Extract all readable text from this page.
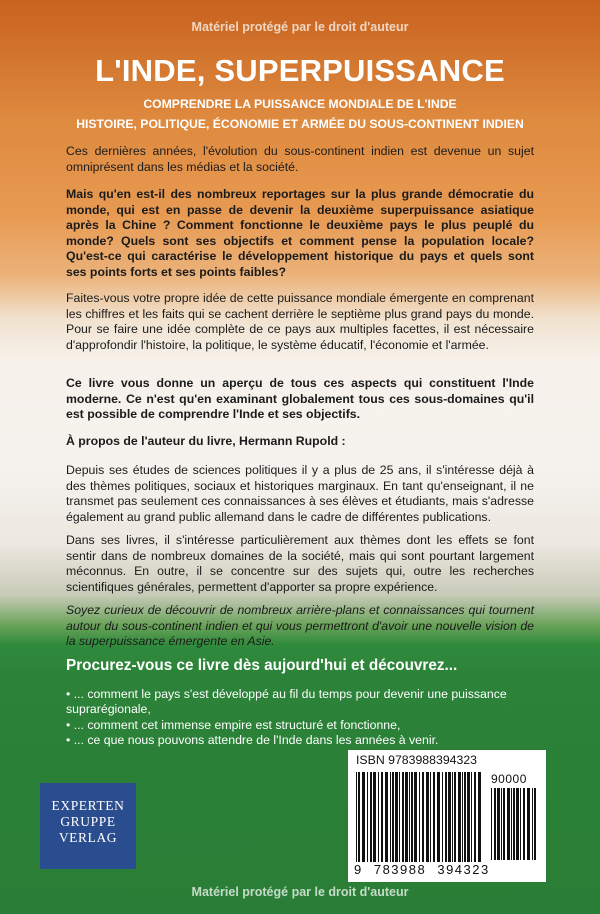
Matériel protégé par le droit d'auteur
L'INDE, SUPERPUISSANCE
COMPRENDRE LA PUISSANCE MONDIALE DE L'INDE
HISTOIRE, POLITIQUE, ÉCONOMIE ET ARMÉE DU SOUS-CONTINENT INDIEN

Ces dernières années, l'évolution du sous-continent indien est devenue un sujet omniprésent dans les médias et la société.

Mais qu'en est-il des nombreux reportages sur la plus grande démocratie du monde, qui est en passe de devenir la deuxième superpuissance asiatique après la Chine ? Comment fonctionne le deuxième pays le plus peuplé du monde? Quels sont ses objectifs et comment pense la population locale? Qu'est-ce qui caractérise le développement historique du pays et quels sont ses points forts et ses points faibles?

Faites-vous votre propre idée de cette puissance mondiale émergente en comprenant les chiffres et les faits qui se cachent derrière le septième plus grand pays du monde. Pour se faire une idée complète de ce pays aux multiples facettes, il est nécessaire d'approfondir l'histoire, la politique, le système éducatif, l'économie et l'armée.

Ce livre vous donne un aperçu de tous ces aspects qui constituent l'Inde moderne. Ce n'est qu'en examinant globalement tous ces sous-domaines qu'il est possible de comprendre l'Inde et ses objectifs.

À propos de l'auteur du livre, Hermann Rupold :

Depuis ses études de sciences politiques il y a plus de 25 ans, il s'intéresse déjà à des thèmes politiques, sociaux et historiques marginaux. En tant qu'enseignant, il ne transmet pas seulement ces connaissances à ses élèves et étudiants, mais s'adresse également au grand public allemand dans le cadre de différentes publications.

Dans ses livres, il s'intéresse particulièrement aux thèmes dont les effets se font sentir dans de nombreux domaines de la société, mais qui sont pourtant largement méconnus. En outre, il se concentre sur des sujets qui, outre les recherches scientifiques générales, permettent d'apporter sa propre expérience.

Soyez curieux de découvrir de nombreux arrière-plans et connaissances qui tournent autour du sous-continent indien et qui vous permettront d'avoir une nouvelle vision de la superpuissance émergente en Asie.

Procurez-vous ce livre dès aujourd'hui et découvrez...
• ... comment le pays s'est développé au fil du temps pour devenir une puissance suprarégionale,
• ... comment cet immense empire est structuré et fonctionne,
• ... ce que nous pouvons attendre de l'Inde dans les années à venir.
EXPERTEN
GRUPPE
VERLAG
ISBN 9783988394323
90000
9 783988 394323
Matériel protégé par le droit d'auteur
